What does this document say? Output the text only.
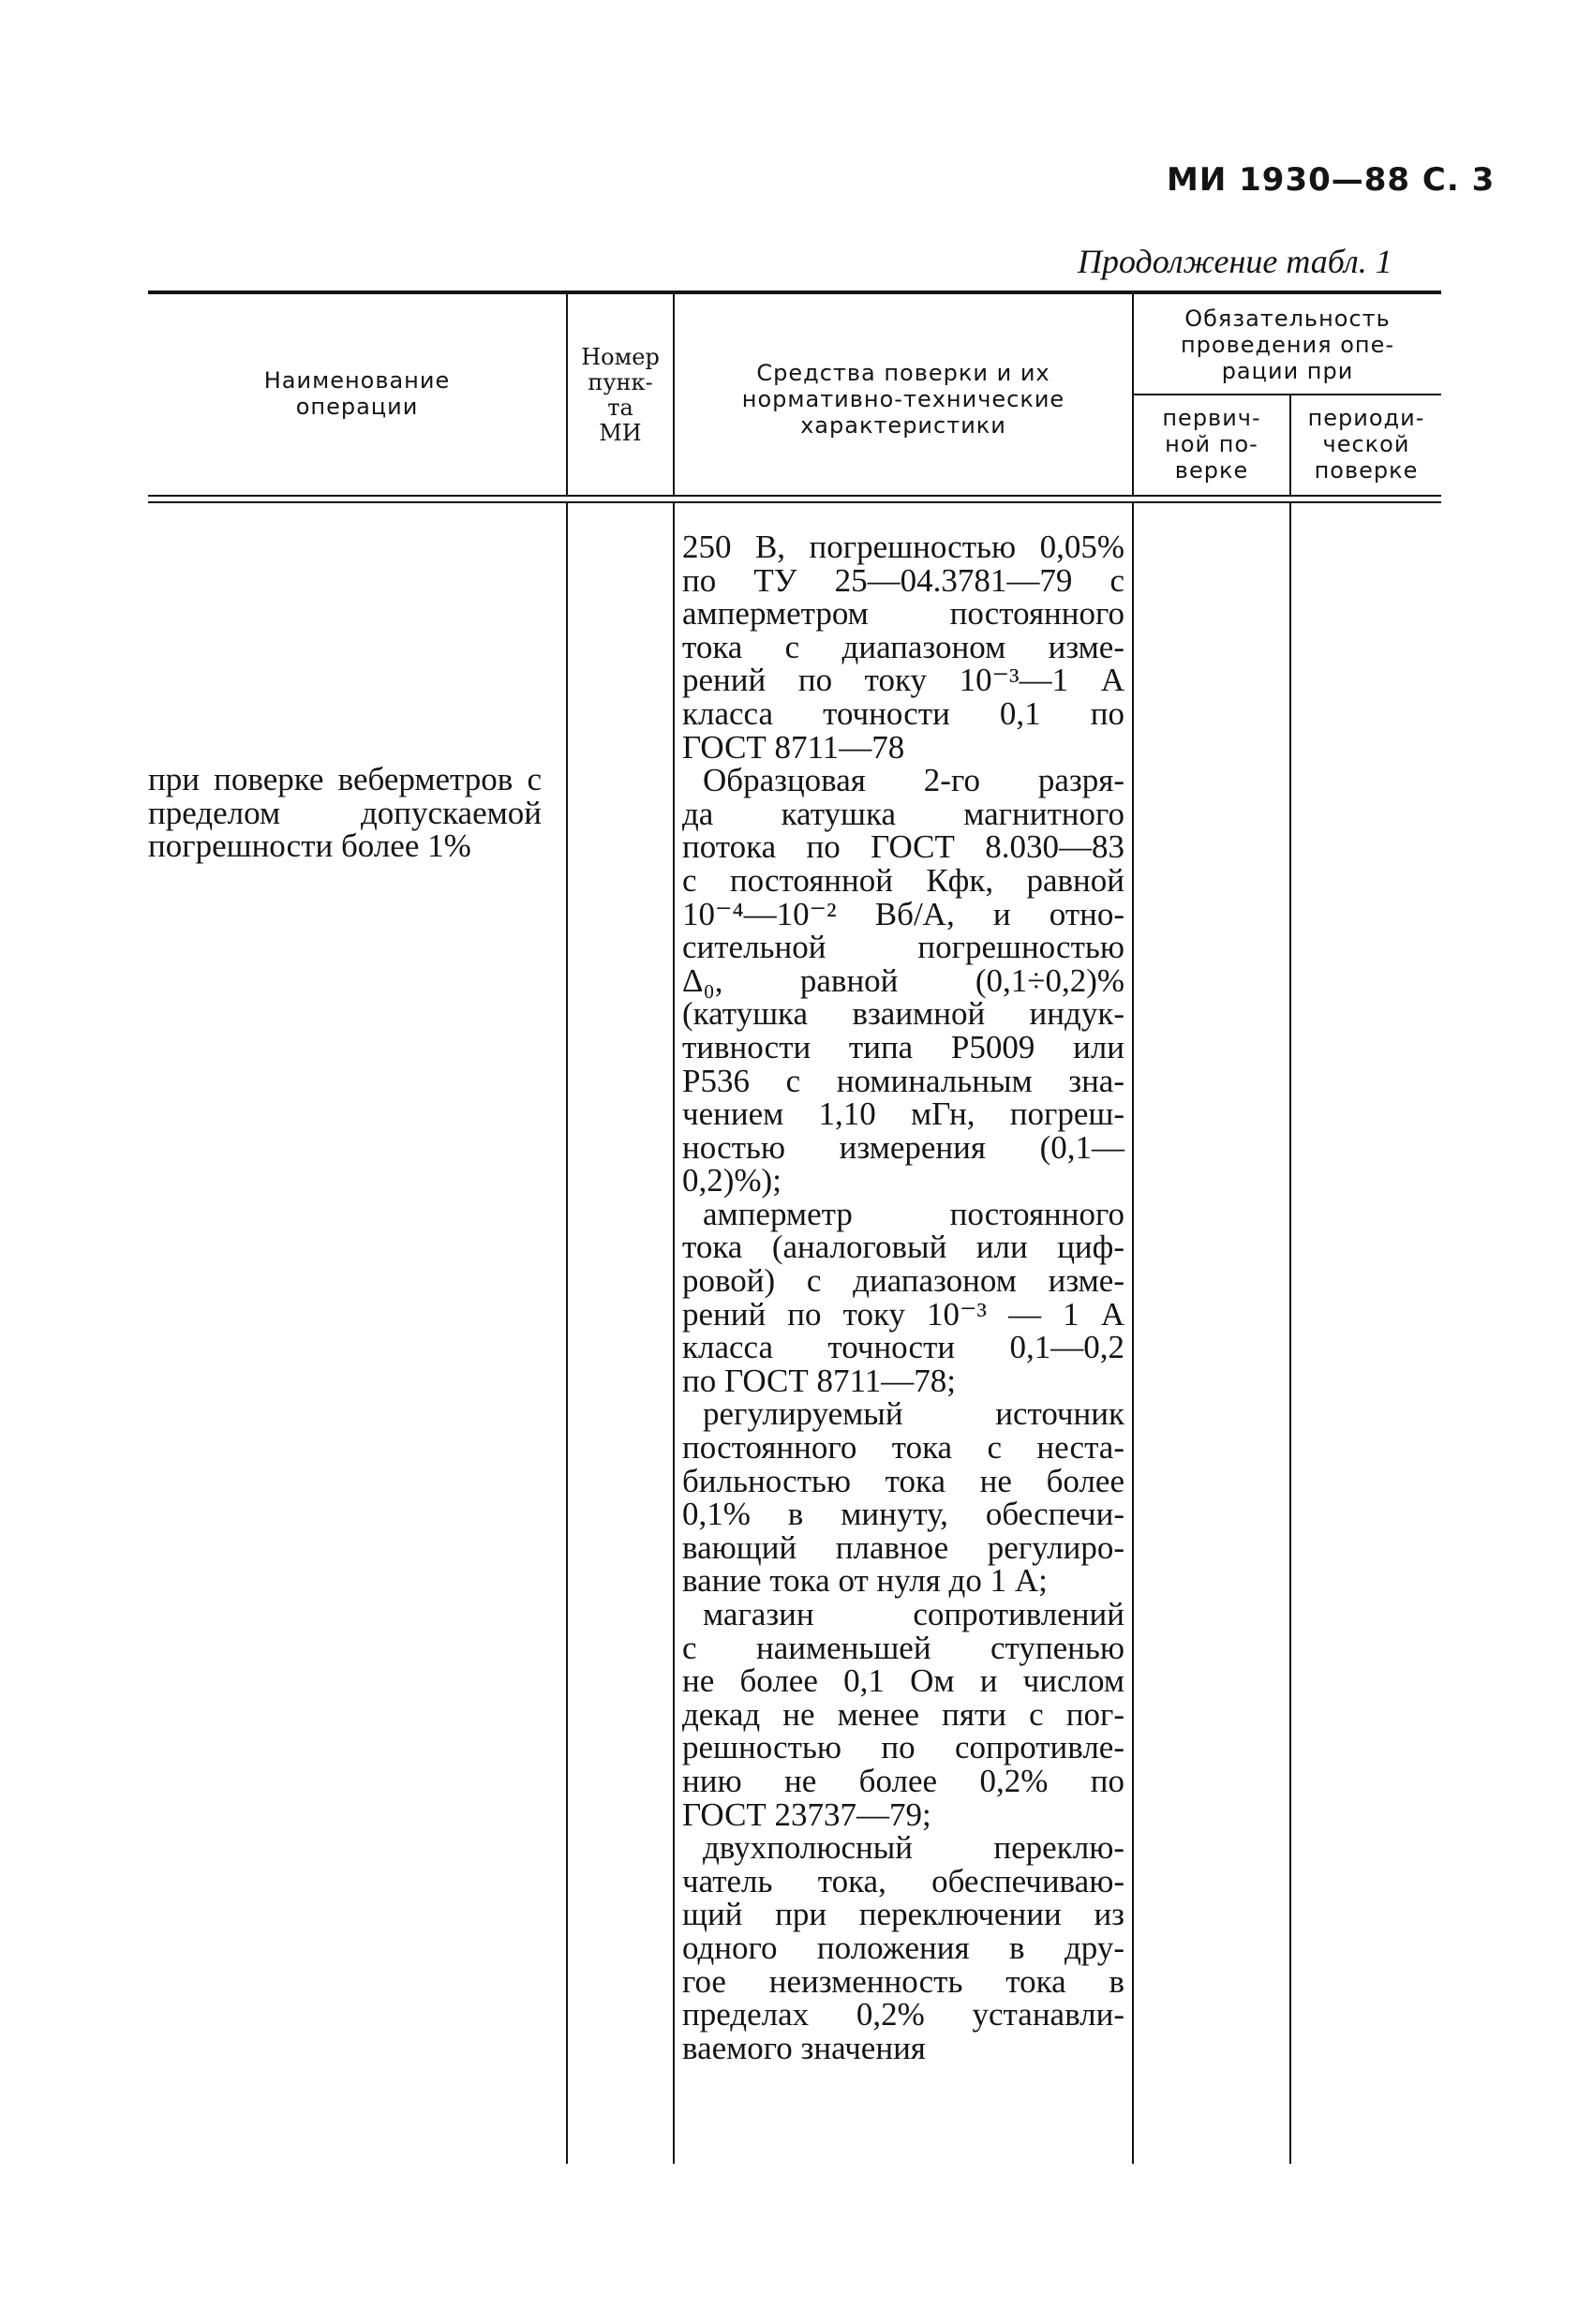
МИ 1930—88 С. 3
Продолжение табл. 1
Наименование
операции
Номер
пунк-
та
МИ
Средства поверки и их
нормативно-технические
характеристики
Обязательность
проведения опе-
рации при
первич-
ной по-
верке
периоди-
ческой
поверке
при поверке веберметров с пределом допускаемой погрешности более 1%

250 В, погрешностью 0,05%

по ТУ 25—04.3781—79 с

амперметром постоянного

тока с диапазоном изме-

рений по току 10⁻³—1 А

класса точности 0,1 по

ГОСТ 8711—78

Образцовая 2-го разря-

да катушка магнитного

потока по ГОСТ 8.030—83

с постоянной Кфк, равной

10⁻⁴—10⁻² Вб/А, и отно-

сительной погрешностью

Δ₀, равной (0,1÷0,2)%

(катушка взаимной индук-

тивности типа Р5009 или

Р536 с номинальным зна-

чением 1,10 мГн, погреш-

ностью измерения (0,1—

0,2)%);

амперметр постоянного

тока (аналоговый или циф-

ровой) с диапазоном изме-

рений по току 10⁻³ — 1 А

класса точности 0,1—0,2

по ГОСТ 8711—78;

регулируемый источник

постоянного тока с неста-

бильностью тока не более

0,1% в минуту, обеспечи-

вающий плавное регулиро-

вание тока от нуля до 1 А;

магазин сопротивлений

с наименьшей ступенью

не более 0,1 Ом и числом

декад не менее пяти с пог-

решностью по сопротивле-

нию не более 0,2% по

ГОСТ 23737—79;

двухполюсный переклю-

чатель тока, обеспечиваю-

щий при переключении из

одного положения в дру-

гое неизменность тока в

пределах 0,2% устанавли-

ваемого значения
